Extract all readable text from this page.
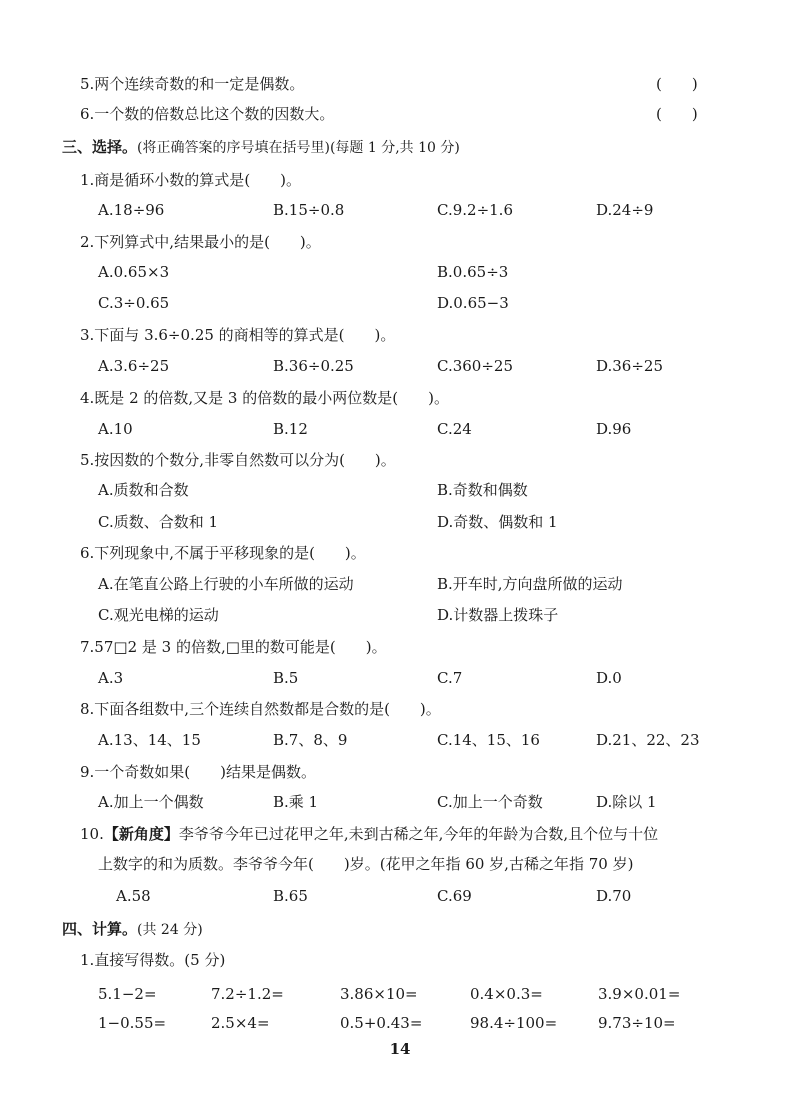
5.两个连续奇数的和一定是偶数。	(　　)
6.一个数的倍数总比这个数的因数大。	(　　)
三、选择。(将正确答案的序号填在括号里)(每题 1 分,共 10 分)
1.商是循环小数的算式是(　　)。
A.18÷96	B.15÷0.8	C.9.2÷1.6	D.24÷9
2.下列算式中,结果最小的是(　　)。
A.0.65×3	B.0.65÷3
C.3÷0.65	D.0.65−3
3.下面与 3.6÷0.25 的商相等的算式是(　　)。
A.3.6÷25	B.36÷0.25	C.360÷25	D.36÷25
4.既是 2 的倍数,又是 3 的倍数的最小两位数是(　　)。
A.10	B.12	C.24	D.96
5.按因数的个数分,非零自然数可以分为(　　)。
A.质数和合数	B.奇数和偶数
C.质数、合数和 1	D.奇数、偶数和 1
6.下列现象中,不属于平移现象的是(　　)。
A.在笔直公路上行驶的小车所做的运动	B.开车时,方向盘所做的运动
C.观光电梯的运动	D.计数器上拨珠子
7.57□2 是 3 的倍数,□里的数可能是(　　)。
A.3	B.5	C.7	D.0
8.下面各组数中,三个连续自然数都是合数的是(　　)。
A.13、14、15	B.7、8、9	C.14、15、16	D.21、22、23
9.一个奇数如果(　　)结果是偶数。
A.加上一个偶数	B.乘 1	C.加上一个奇数	D.除以 1
10.【新角度】李爷爷今年已过花甲之年,未到古稀之年,今年的年龄为合数,且个位与十位
上数字的和为质数。李爷爷今年(　　)岁。(花甲之年指 60 岁,古稀之年指 70 岁)
A.58	B.65	C.69	D.70
四、计算。(共 24 分)
1.直接写得数。(5 分)
5.1−2=	7.2÷1.2=	3.86×10=	0.4×0.3=	3.9×0.01=
1−0.55=	2.5×4=	0.5+0.43=	98.4÷100=	9.73÷10=
14
